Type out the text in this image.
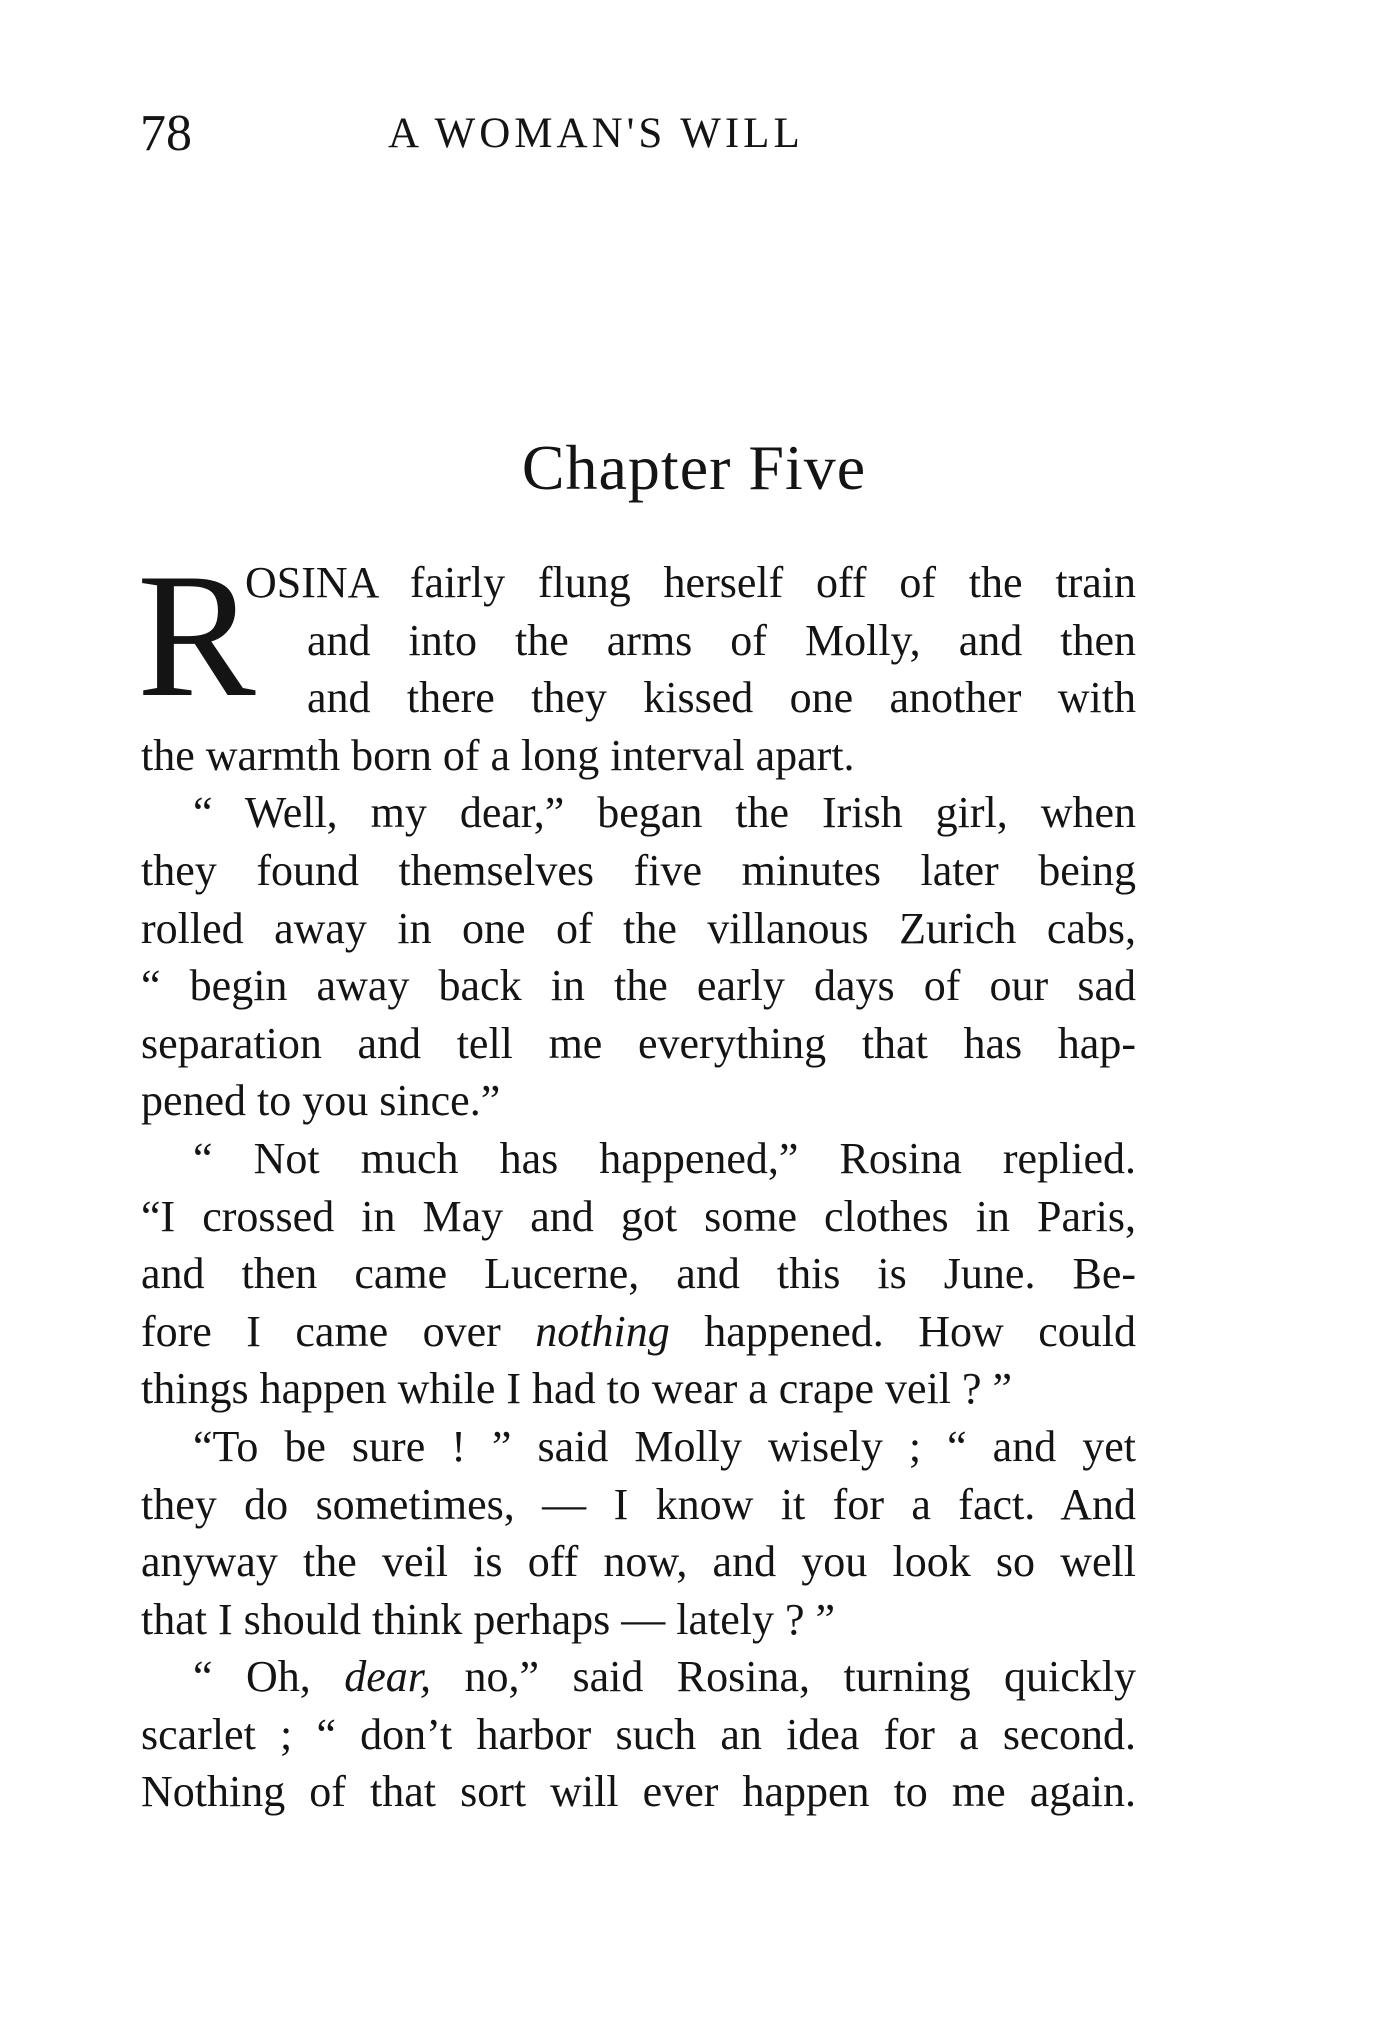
78	A WOMAN'S WILL
Chapter Five
R
OSINA fairly flung herself off of the train
and into the arms of Molly, and then
and there they kissed one another with
the warmth born of a long interval apart.
“ Well, my dear,” began the Irish girl, when
they found themselves five minutes later being
rolled away in one of the villanous Zurich cabs,
“ begin away back in the early days of our sad
separation and tell me everything that has hap-
pened to you since.”
“ Not much has happened,” Rosina replied.
“I crossed in May and got some clothes in Paris,
and then came Lucerne, and this is June. Be-
fore I came over nothing happened. How could
things happen while I had to wear a crape veil ? ”
“To be sure ! ” said Molly wisely ; “ and yet
they do sometimes, — I know it for a fact. And
anyway the veil is off now, and you look so well
that I should think perhaps — lately ? ”
“ Oh, dear, no,” said Rosina, turning quickly
scarlet ; “ don’t harbor such an idea for a second.
Nothing of that sort will ever happen to me again.
